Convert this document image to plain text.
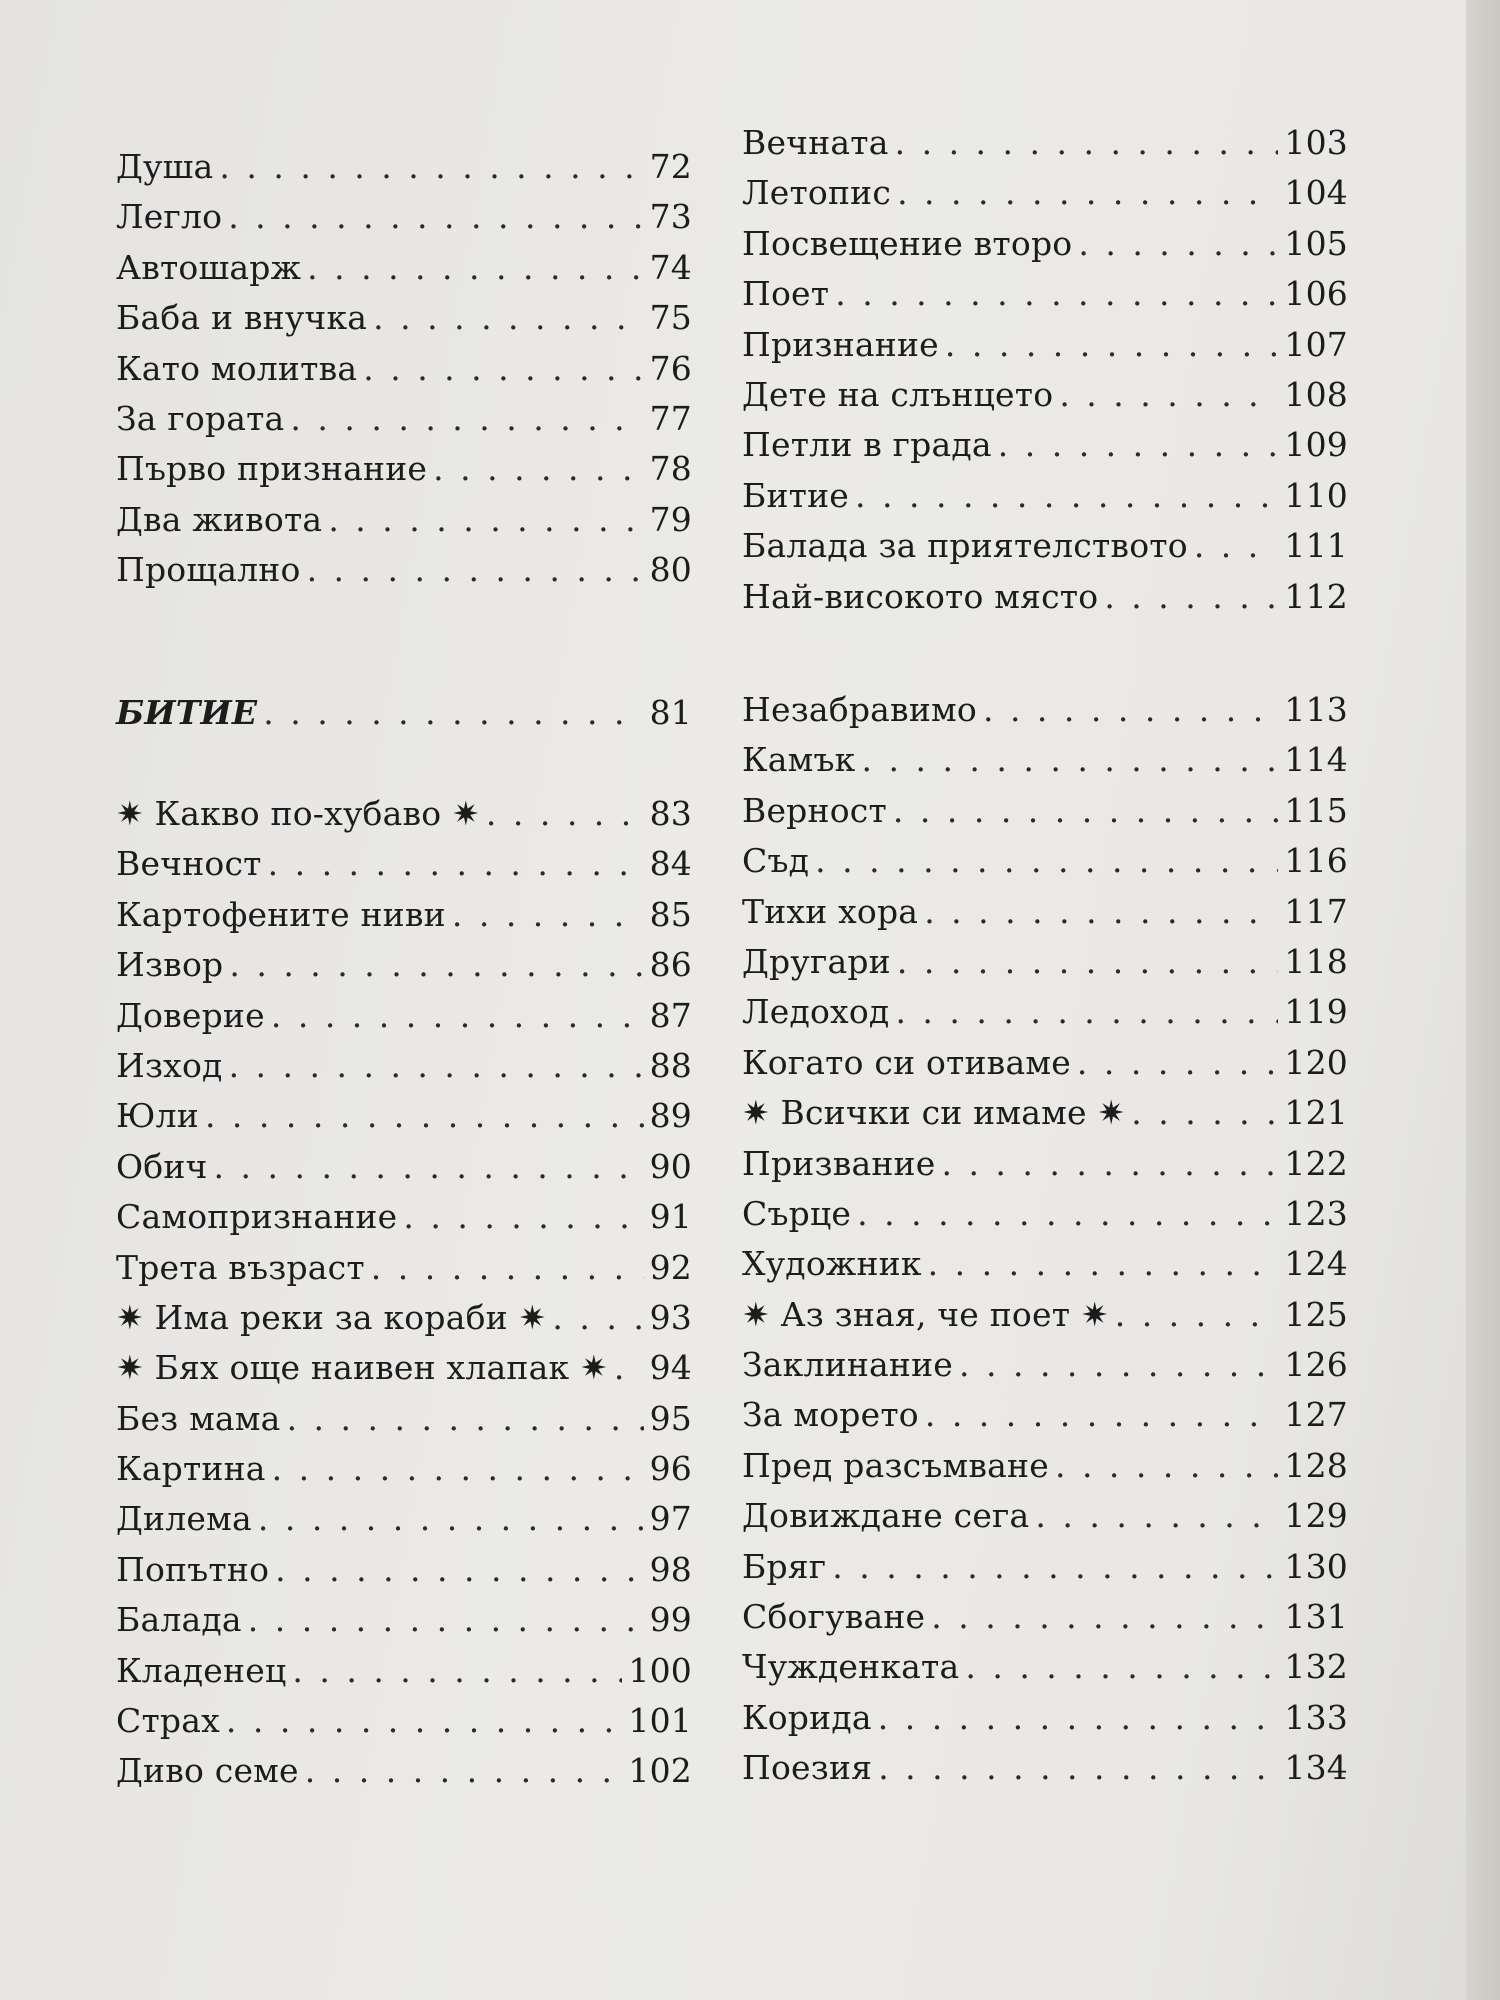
Душа . . .	72
Легло . . .	73
Автошарж . . .	74
Баба и внучка . . .	75
Като молитва . . .	76
За гората . . .	77
Първо признание . . .	78
Два живота . . .	79
Прощално . . .	80
БИТИЕ . . .	81
✷ Какво по-хубаво ✷ . . .	83
Вечност . . .	84
Картофените ниви . . .	85
Извор . . .	86
Доверие . . .	87
Изход . . .	88
Юли . . .	89
Обич . . .	90
Самопризнание . . .	91
Трета възраст . . .	92
✷ Има реки за кораби ✷ . . .	93
✷ Бях още наивен хлапак ✷ . . . 94
Без мама . . .	95
Картина . . .	96
Дилема . . .	97
Попътно . . .	98
Балада . . .	99
Кладенец . . .	100
Страх . . .	101
Диво семе . . .	102
Вечната . . .	103
Летопис . . .	104
Посвещение второ . . .	105
Поет . . .	106
Признание . . .	107
Дете на слънцето . . .	108
Петли в града . . .	109
Битие . . .	110
Балада за приятелството . . .	111
Най-високото място . . .	112
Незабравимо . . .	113
Камък . . .	114
Верност . . .	115
Съд . . .	116
Тихи хора . . .	117
Другари . . .	118
Ледоход . . .	119
Когато си отиваме . . .	120
✷ Всички си имаме ✷ . . .	121
Призвание . . .	122
Сърце . . .	123
Художник . . .	124
✷ Аз зная, че поет ✷ . . .	125
Заклинание . . .	126
За морето . . .	127
Пред разсъмване . . .	128
Довиждане сега . . .	129
Бряг . . .	130
Сбогуване . . .	131
Чужденката . . .	132
Корида . . .	133
Поезия . . .	134
